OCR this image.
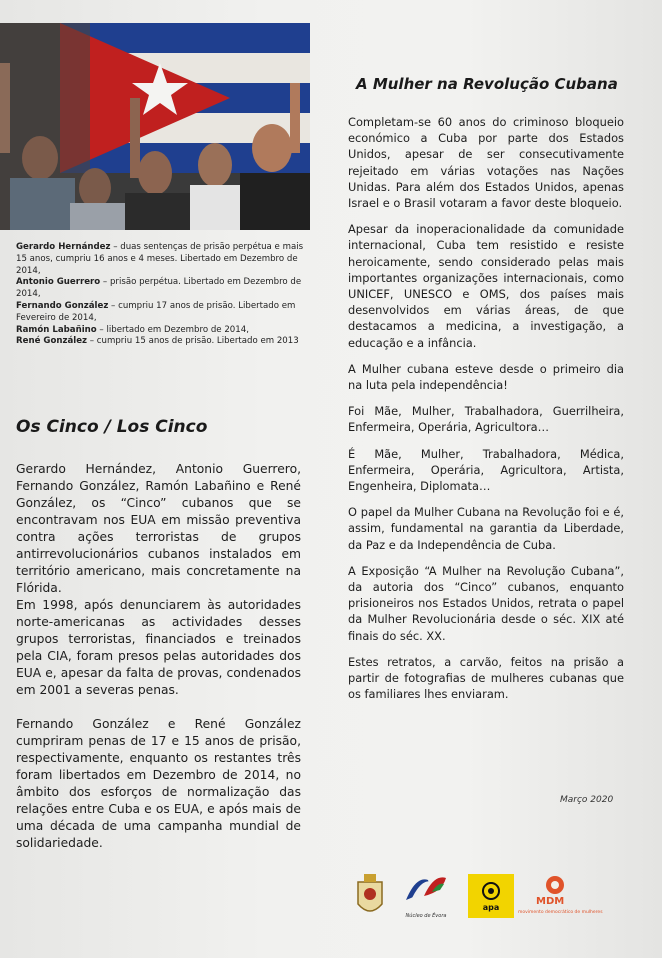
Gerardo Hernández – duas sentenças de prisão perpétua e mais 15 anos, cumpriu 16 anos e 4 meses. Libertado em Dezembro de 2014,

Antonio Guerrero – prisão perpétua. Libertado em Dezembro de 2014,

Fernando González – cumpriu 17 anos de prisão. Libertado em Fevereiro de 2014,

Ramón Labañino – libertado em Dezembro de 2014,

René González – cumpriu 15 anos de prisão. Libertado em 2013

Os Cinco / Los Cinco

Gerardo Hernández, Antonio Guerrero, Fernando González, Ramón Labañino e René González, os “Cinco” cubanos que se encontravam nos EUA em missão preventiva contra ações terroristas de grupos antirrevolucionários cubanos instalados em território americano, mais concretamente na Flórida.

Em 1998, após denunciarem às autoridades norte-americanas as actividades desses grupos terroristas, financiados e treinados pela CIA, foram presos pelas autoridades dos EUA e, apesar da falta de provas, condenados em 2001 a severas penas.

Fernando González e René González cumpriram penas de 17 e 15 anos de prisão, respectivamente, enquanto os restantes três foram libertados em Dezembro de 2014, no âmbito dos esforços de normalização das relações entre Cuba e os EUA, e após mais de uma década de uma campanha mundial de solidariedade.

A Mulher na Revolução Cubana

Completam-se 60 anos do criminoso bloqueio económico a Cuba por parte dos Estados Unidos, apesar de ser consecutivamente rejeitado em várias votações nas Nações Unidas. Para além dos Estados Unidos, apenas Israel e o Brasil votaram a favor deste bloqueio.

Apesar da inoperacionalidade da comunidade internacional, Cuba tem resistido e resiste heroicamente, sendo considerado pelas mais importantes organizações internacionais, como UNICEF, UNESCO e OMS, dos países mais desenvolvidos em várias áreas, de que destacamos a medicina, a investigação, a educação e a infância.

A Mulher cubana esteve desde o primeiro dia na luta pela independência!

Foi Mãe, Mulher, Trabalhadora, Guerrilheira, Enfermeira, Operária, Agricultora…

É Mãe, Mulher, Trabalhadora, Médica, Enfermeira, Operária, Agricultora, Artista, Engenheira, Diplomata…

O papel da Mulher Cubana na Revolução foi e é, assim, fundamental na garantia da Liberdade, da Paz e da Independência de Cuba.

A Exposição “A Mulher na Revolução Cubana”, da autoria dos “Cinco” cubanos, enquanto prisioneiros nos Estados Unidos, retrata o papel da Mulher Revolucionária desde o séc. XIX até finais do séc. XX.

Estes retratos, a carvão, feitos na prisão a partir de fotografias de mulheres cubanas que os familiares lhes enviaram.

Março 2020
Núcleo de Évora
apa
MDM
movimento democrático de mulheres
